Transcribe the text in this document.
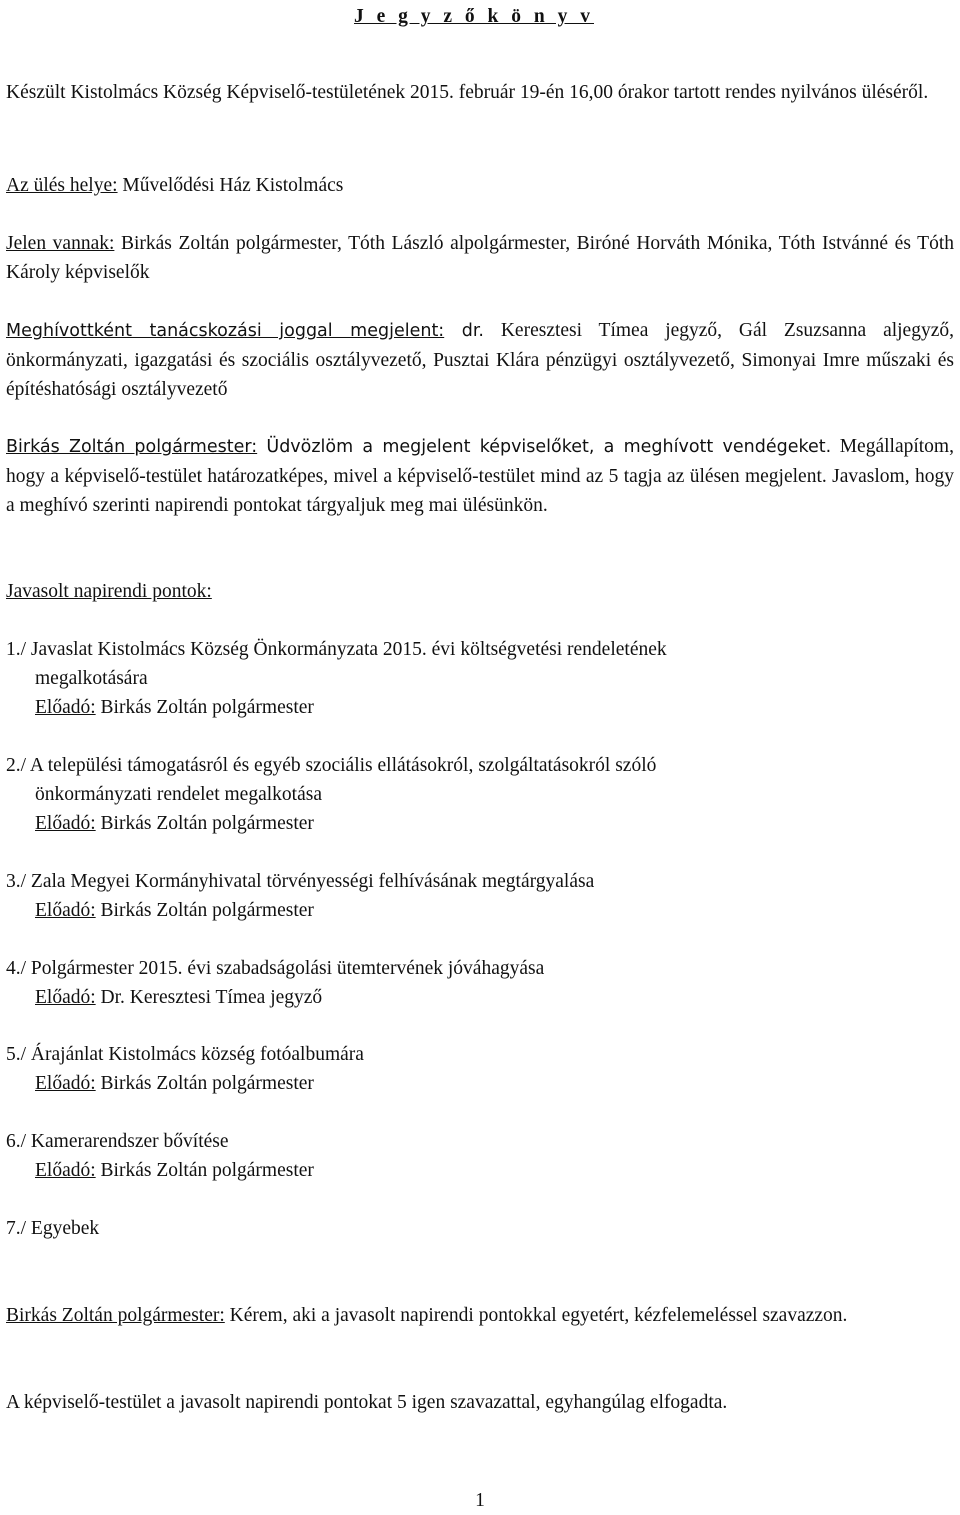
J e g y z ő k ö n y v
Készült Kistolmács Község Képviselő-testületének 2015. február 19-én 16,00 órakor tartott rendes nyilvános üléséről.
Az ülés helye: Művelődési Ház Kistolmács
Jelen vannak: Birkás Zoltán polgármester, Tóth László alpolgármester, Biróné Horváth Mónika, Tóth Istvánné és Tóth Károly képviselők
Meghívottként tanácskozási joggal megjelent: dr. Keresztesi Tímea jegyző, Gál Zsuzsanna aljegyző, önkormányzati, igazgatási és szociális osztályvezető, Pusztai Klára pénzügyi osztályvezető, Simonyai Imre műszaki és építéshatósági osztályvezető
Birkás Zoltán polgármester: Üdvözlöm a megjelent képviselőket, a meghívott vendégeket. Megállapítom, hogy a képviselő-testület határozatképes, mivel a képviselő-testület mind az 5 tagja az ülésen megjelent. Javaslom, hogy a meghívó szerinti napirendi pontokat tárgyaljuk meg mai ülésünkön.
Javasolt napirendi pontok:
1./ Javaslat Kistolmács Község Önkormányzata 2015. évi költségvetési rendeletének
megalkotására
Előadó: Birkás Zoltán polgármester
2./ A települési támogatásról és egyéb szociális ellátásokról, szolgáltatásokról szóló
önkormányzati rendelet megalkotása
Előadó: Birkás Zoltán polgármester
3./ Zala Megyei Kormányhivatal törvényességi felhívásának megtárgyalása
Előadó: Birkás Zoltán polgármester
4./ Polgármester 2015. évi szabadságolási ütemtervének jóváhagyása
Előadó: Dr. Keresztesi Tímea jegyző
5./ Árajánlat Kistolmács község fotóalbumára
Előadó: Birkás Zoltán polgármester
6./ Kamerarendszer bővítése
Előadó: Birkás Zoltán polgármester
7./ Egyebek
Birkás Zoltán polgármester: Kérem, aki a javasolt napirendi pontokkal egyetért, kézfelemeléssel szavazzon.
A képviselő-testület a javasolt napirendi pontokat 5 igen szavazattal, egyhangúlag elfogadta.
1
